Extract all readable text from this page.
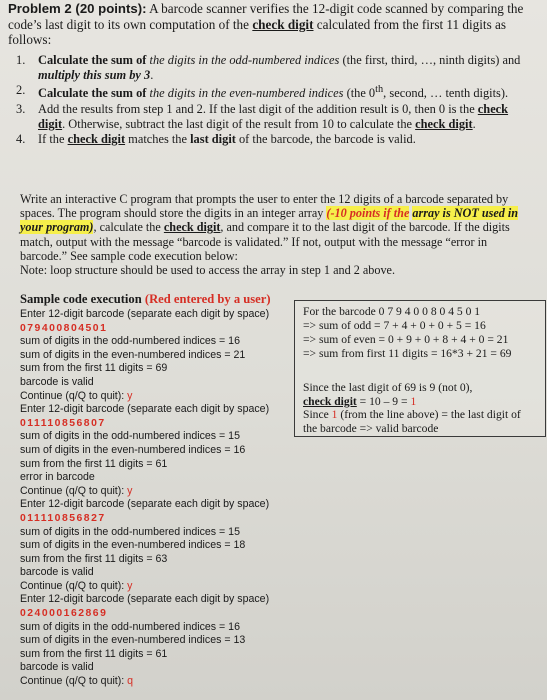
Problem 2 (20 points): A barcode scanner verifies the 12-digit code scanned by comparing the code’s last digit to its own computation of the check digit calculated from the first 11 digits as follows:
1. Calculate the sum of the digits in the odd-numbered indices (the first, third, …, ninth digits) and multiply this sum by 3.
2. Calculate the sum of the digits in the even-numbered indices (the 0th, second, … tenth digits).
3. Add the results from step 1 and 2. If the last digit of the addition result is 0, then 0 is the check digit. Otherwise, subtract the last digit of the result from 10 to calculate the check digit.
4. If the check digit matches the last digit of the barcode, the barcode is valid.
Write an interactive C program that prompts the user to enter the 12 digits of a barcode separated by spaces. The program should store the digits in an integer array (-10 points if the array is NOT used in your program), calculate the check digit, and compare it to the last digit of the barcode. If the digits match, output with the message “barcode is validated.” If not, output with the message “error in barcode.” See sample code execution below:
Note: loop structure should be used to access the array in step 1 and 2 above.
Sample code execution (Red entered by a user)
For the barcode 0 7 9 4 0 0 8 0 4 5 0 1
=> sum of odd = 7 + 4 + 0 + 0 + 5 = 16
=> sum of even = 0 + 9 + 0 + 8 + 4 + 0 = 21
=> sum from first 11 digits = 16*3 + 21 = 69
Since the last digit of 69 is 9 (not 0),
check digit = 10 – 9 = 1
Since 1 (from the line above) = the last digit of
the barcode => valid barcode
Enter 12-digit barcode (separate each digit by space)
079400804501
sum of digits in the odd-numbered indices = 16
sum of digits in the even-numbered indices = 21
sum from the first 11 digits = 69
barcode is valid
Continue (q/Q to quit): y
Enter 12-digit barcode (separate each digit by space)
011110856807
sum of digits in the odd-numbered indices = 15
sum of digits in the even-numbered indices = 16
sum from the first 11 digits = 61
error in barcode
Continue (q/Q to quit): y
Enter 12-digit barcode (separate each digit by space)
011110856827
sum of digits in the odd-numbered indices = 15
sum of digits in the even-numbered indices = 18
sum from the first 11 digits = 63
barcode is valid
Continue (q/Q to quit): y
Enter 12-digit barcode (separate each digit by space)
024000162869
sum of digits in the odd-numbered indices = 16
sum of digits in the even-numbered indices = 13
sum from the first 11 digits = 61
barcode is valid
Continue (q/Q to quit): q
